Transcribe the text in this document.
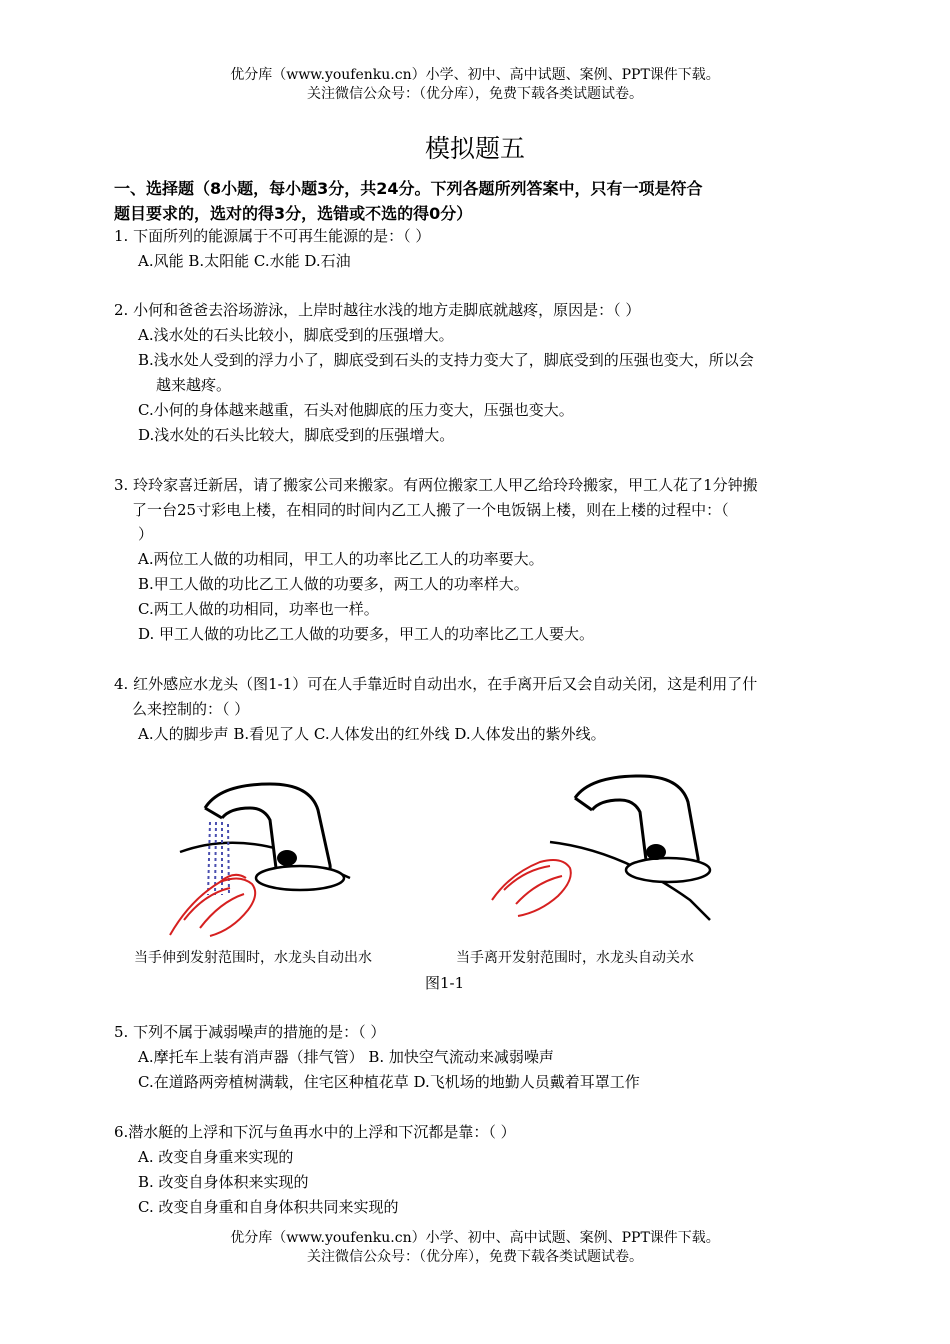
优分库（www.youfenku.cn）小学、初中、高中试题、案例、PPT课件下载。
关注微信公众号：（优分库），免费下载各类试题试卷。
模拟题五
一、选择题（8小题，每小题3分，共24分。下列各题所列答案中，只有一项是符合
题目要求的，选对的得3分，选错或不选的得0分）
1. 下面所列的能源属于不可再生能源的是：（ ）
A.风能 B.太阳能 C.水能 D.石油
2. 小何和爸爸去浴场游泳，上岸时越往水浅的地方走脚底就越疼，原因是：（ ）
A.浅水处的石头比较小，脚底受到的压强增大。
B.浅水处人受到的浮力小了，脚底受到石头的支持力变大了，脚底受到的压强也变大，所以会
越来越疼。
C.小何的身体越来越重，石头对他脚底的压力变大，压强也变大。
D.浅水处的石头比较大，脚底受到的压强增大。
3. 玲玲家喜迁新居，请了搬家公司来搬家。有两位搬家工人甲乙给玲玲搬家，甲工人花了1分钟搬
了一台25寸彩电上楼，在相同的时间内乙工人搬了一个电饭锅上楼，则在上楼的过程中：（
）
A.两位工人做的功相同，甲工人的功率比乙工人的功率要大。
B.甲工人做的功比乙工人做的功要多，两工人的功率样大。
C.两工人做的功相同，功率也一样。
D. 甲工人做的功比乙工人做的功要多，甲工人的功率比乙工人要大。
4. 红外感应水龙头（图1-1）可在人手靠近时自动出水，在手离开后又会自动关闭，这是利用了什
么来控制的：（ ）
A.人的脚步声 B.看见了人 C.人体发出的红外线 D.人体发出的紫外线。
当手伸到发射范围时，水龙头自动出水	当手离开发射范围时，水龙头自动关水
图1-1
5. 下列不属于减弱噪声的措施的是：（ ）
A.摩托车上装有消声器（排气管） B. 加快空气流动来减弱噪声
C.在道路两旁植树满载，住宅区种植花草 D.飞机场的地勤人员戴着耳罩工作
6.潜水艇的上浮和下沉与鱼再水中的上浮和下沉都是靠：（ ）
A. 改变自身重来实现的
B. 改变自身体积来实现的
C. 改变自身重和自身体积共同来实现的
优分库（www.youfenku.cn）小学、初中、高中试题、案例、PPT课件下载。
关注微信公众号：（优分库），免费下载各类试题试卷。
